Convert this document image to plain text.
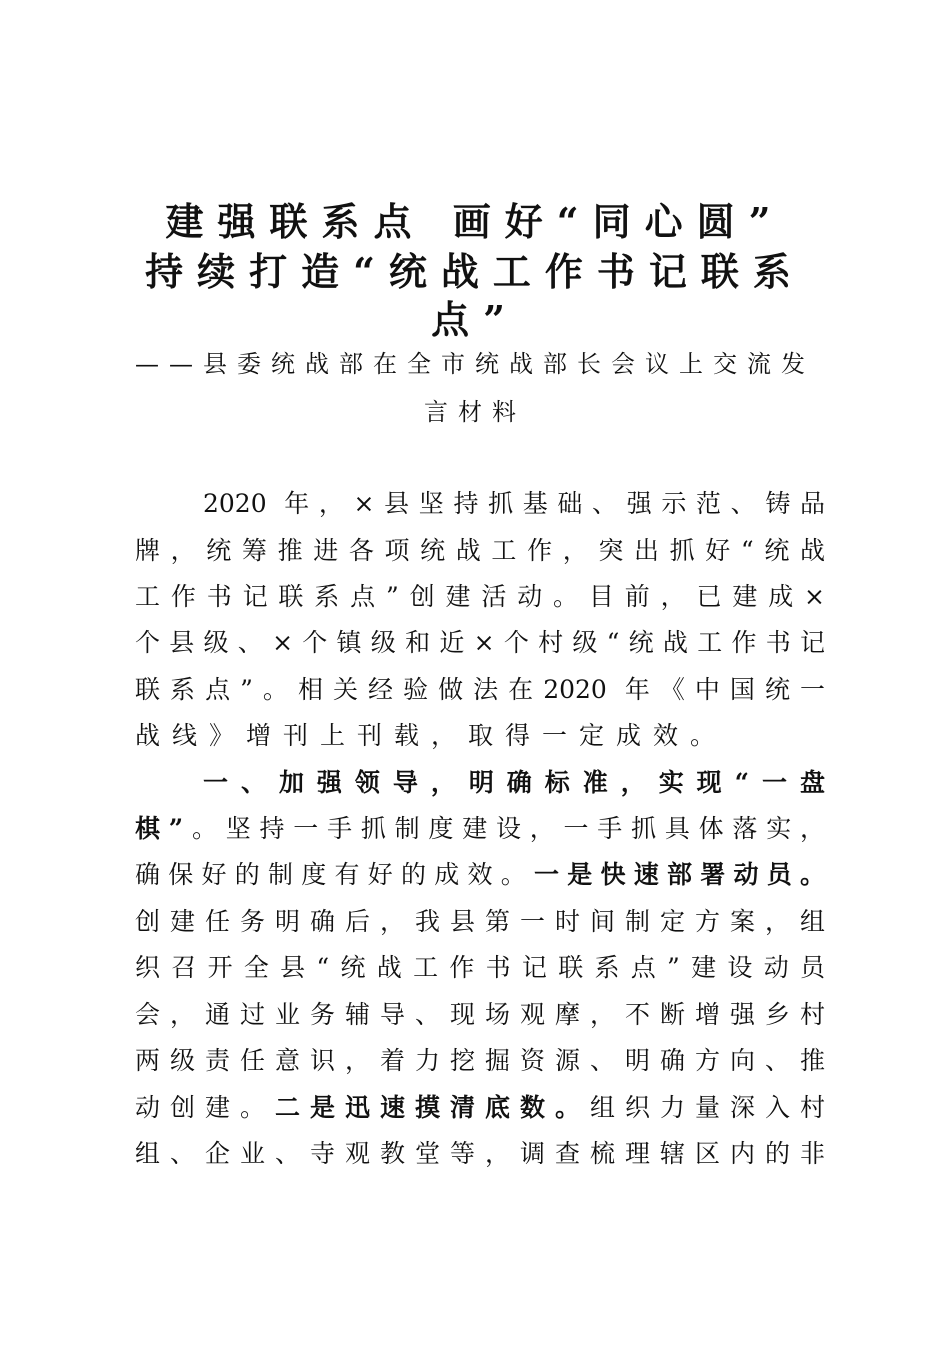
建强联系点 画好“同心圆”
持续打造“统战工作书记联系
点”

——县委统战部在全市统战部长会议上交流发

言材料

2020 年，×县坚持抓基础、强示范、铸品

牌，统筹推进各项统战工作，突出抓好“统战

工作书记联系点”创建活动。目前，已建成×

个县级、×个镇级和近×个村级“统战工作书记

联系点”。相关经验做法在2020 年《中国统一

战线》增刊上刊载，取得一定成效。

一、加强领导，明确标准，实现“一盘

棋”。坚持一手抓制度建设，一手抓具体落实，

确保好的制度有好的成效。一是快速部署动员。

创建任务明确后，我县第一时间制定方案，组

织召开全县“统战工作书记联系点”建设动员

会，通过业务辅导、现场观摩，不断增强乡村

两级责任意识，着力挖掘资源、明确方向、推

动创建。二是迅速摸清底数。组织力量深入村

组、企业、寺观教堂等，调查梳理辖区内的非
